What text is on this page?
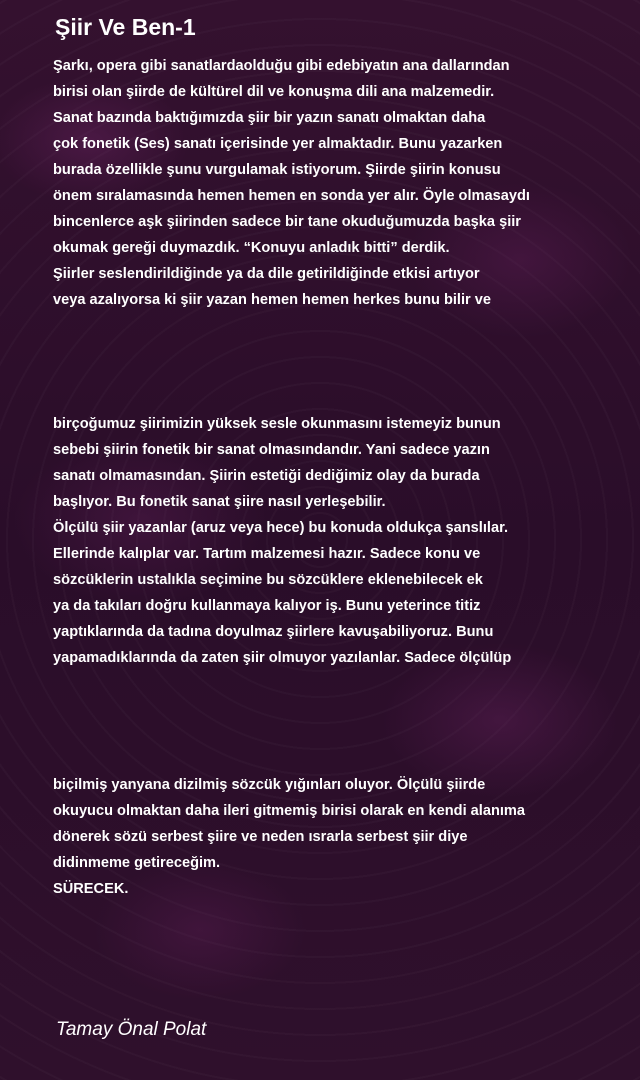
Şiir Ve Ben-1
Şarkı, opera gibi sanatlardaolduğu gibi edebiyatın ana dallarından
birisi olan şiirde de kültürel dil ve konuşma dili ana malzemedir.
Sanat bazında baktığımızda şiir bir yazın sanatı olmaktan daha
çok fonetik (Ses) sanatı içerisinde yer almaktadır. Bunu yazarken
burada özellikle şunu vurgulamak istiyorum. Şiirde şiirin konusu
önem sıralamasında hemen hemen en sonda yer alır. Öyle olmasaydı
bincenlerce aşk şiirinden sadece bir tane okuduğumuzda başka şiir
okumak gereği duymazdık. “Konuyu anladık bitti” derdik.
Şiirler seslendirildiğinde ya da dile getirildiğinde etkisi artıyor
veya azalıyorsa ki şiir yazan hemen hemen herkes bunu bilir ve
birçoğumuz şiirimizin yüksek sesle okunmasını istemeyiz bunun
sebebi şiirin fonetik bir sanat olmasındandır. Yani sadece yazın
sanatı olmamasından. Şiirin estetiği dediğimiz olay da burada
başlıyor. Bu fonetik sanat şiire nasıl yerleşebilir.
Ölçülü şiir yazanlar (aruz veya hece) bu konuda oldukça şanslılar.
Ellerinde kalıplar var. Tartım malzemesi hazır. Sadece konu ve
sözcüklerin ustalıkla seçimine bu sözcüklere eklenebilecek ek
ya da takıları doğru kullanmaya kalıyor iş. Bunu yeterince titiz
yaptıklarında da tadına doyulmaz şiirlere kavuşabiliyoruz. Bunu
yapamadıklarında da zaten şiir olmuyor yazılanlar. Sadece ölçülüp
biçilmiş yanyana dizilmiş sözcük yığınları oluyor. Ölçülü şiirde
okuyucu olmaktan daha ileri gitmemiş birisi olarak en kendi alanıma
dönerek sözü serbest şiire ve neden ısrarla serbest şiir diye
didinmeme getireceğim.
SÜRECEK.

Tamay Önal Polat
